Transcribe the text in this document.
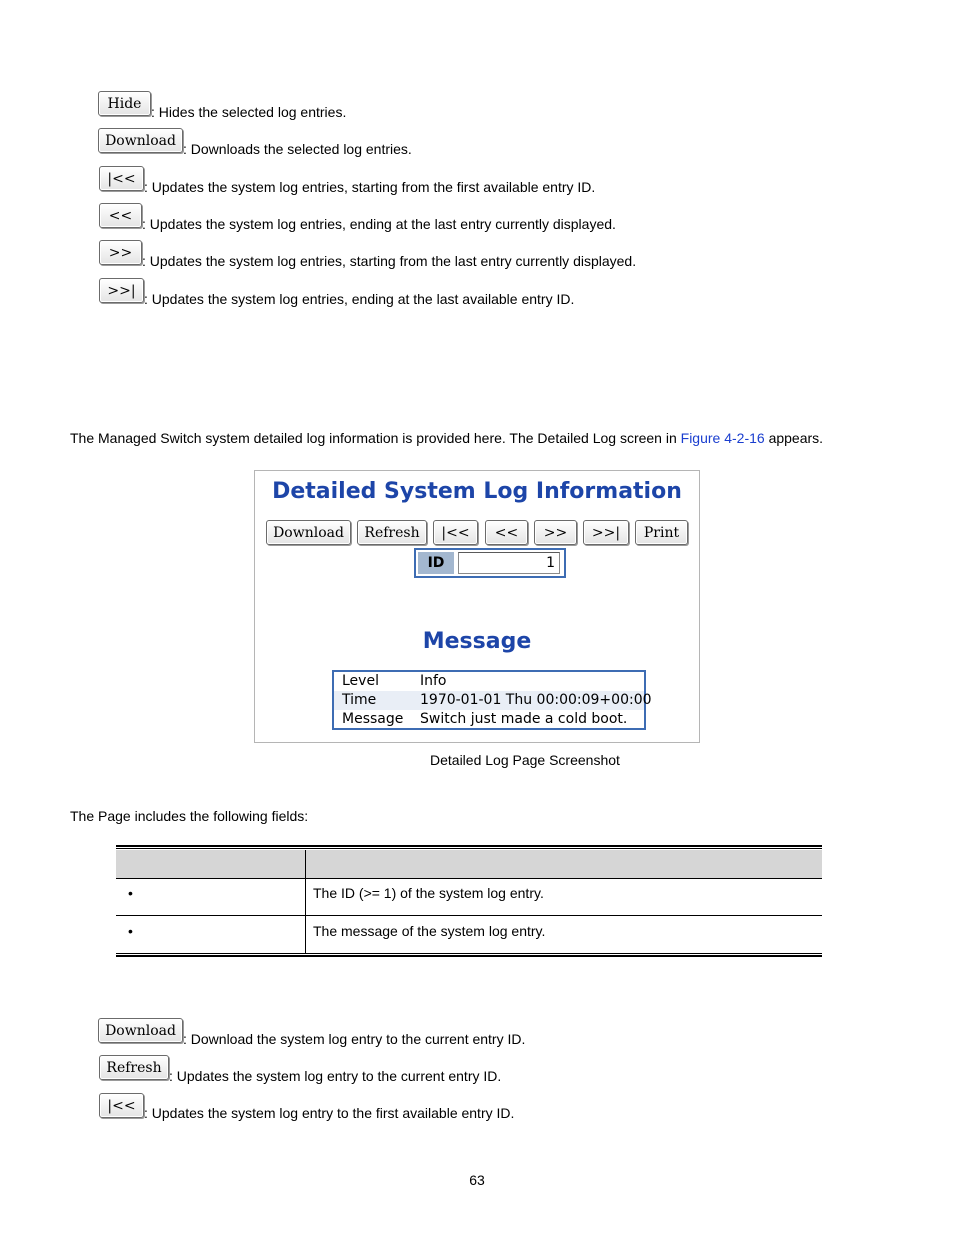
Hide
: Hides the selected log entries.
Download
: Downloads the selected log entries.
|<<
: Updates the system log entries, starting from the first available entry ID.
<<
: Updates the system log entries, ending at the last entry currently displayed.
>>
: Updates the system log entries, starting from the last entry currently displayed.
>>|
: Updates the system log entries, ending at the last available entry ID.
The Managed Switch system detailed log information is provided here. The Detailed Log screen in Figure 4-2-16 appears.
Detailed System Log Information
Download	Refresh	|<<	<<	>>	>>|	Print
ID
1
Message
Level	Info
Time	1970-01-01 Thu 00:00:09+00:00
Message Switch just made a cold boot.
Detailed Log Page Screenshot
The Page includes the following fields:
•	The ID (>= 1) of the system log entry.
•	The message of the system log entry.
Download
: Download the system log entry to the current entry ID.
Refresh
: Updates the system log entry to the current entry ID.
|<< : Updates the system log entry to the first available entry ID.
63
